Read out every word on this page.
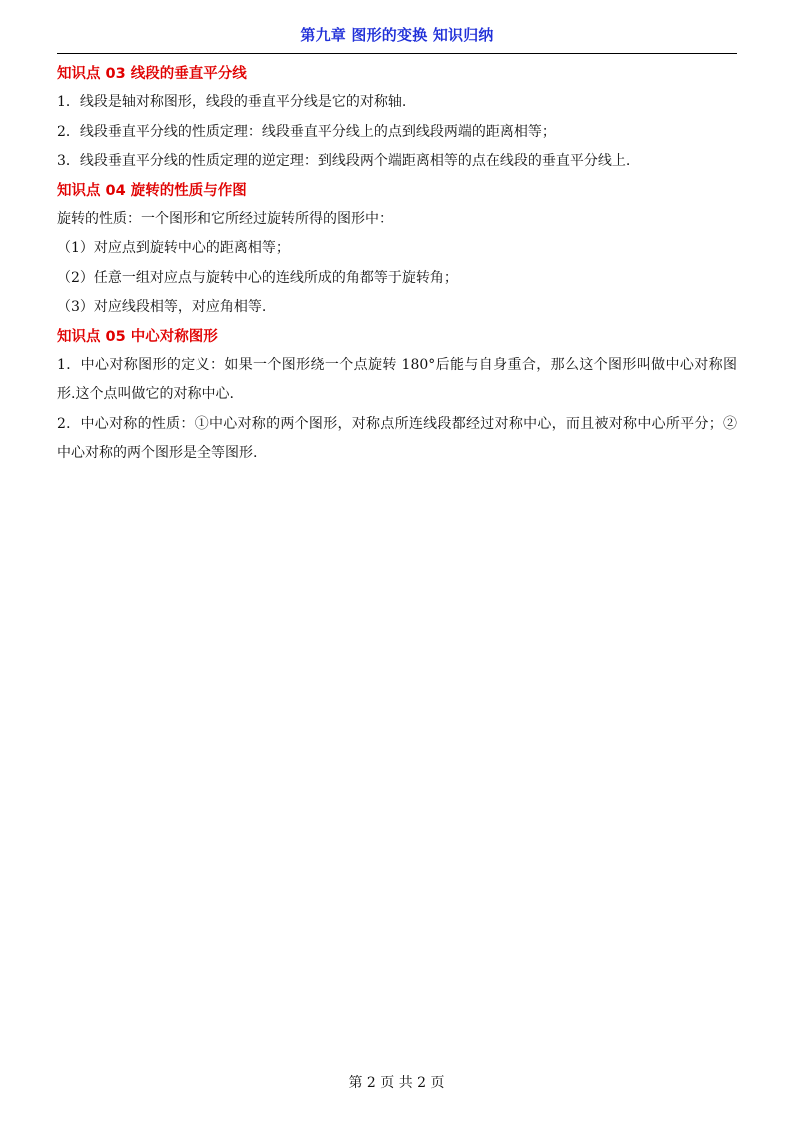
第九章 图形的变换 知识归纳

知识点 03 线段的垂直平分线

1．线段是轴对称图形，线段的垂直平分线是它的对称轴.

2．线段垂直平分线的性质定理：线段垂直平分线上的点到线段两端的距离相等；

3．线段垂直平分线的性质定理的逆定理：到线段两个端距离相等的点在线段的垂直平分线上.

知识点 04 旋转的性质与作图

旋转的性质：一个图形和它所经过旋转所得的图形中：

（1）对应点到旋转中心的距离相等；

（2）任意一组对应点与旋转中心的连线所成的角都等于旋转角；

（3）对应线段相等，对应角相等.

知识点 05 中心对称图形

1．中心对称图形的定义：如果一个图形绕一个点旋转 180°后能与自身重合，那么这个图形叫做中心对称图形.这个点叫做它的对称中心.

2．中心对称的性质：①中心对称的两个图形，对称点所连线段都经过对称中心，而且被对称中心所平分；②中心对称的两个图形是全等图形.

第 2 页 共 2 页
